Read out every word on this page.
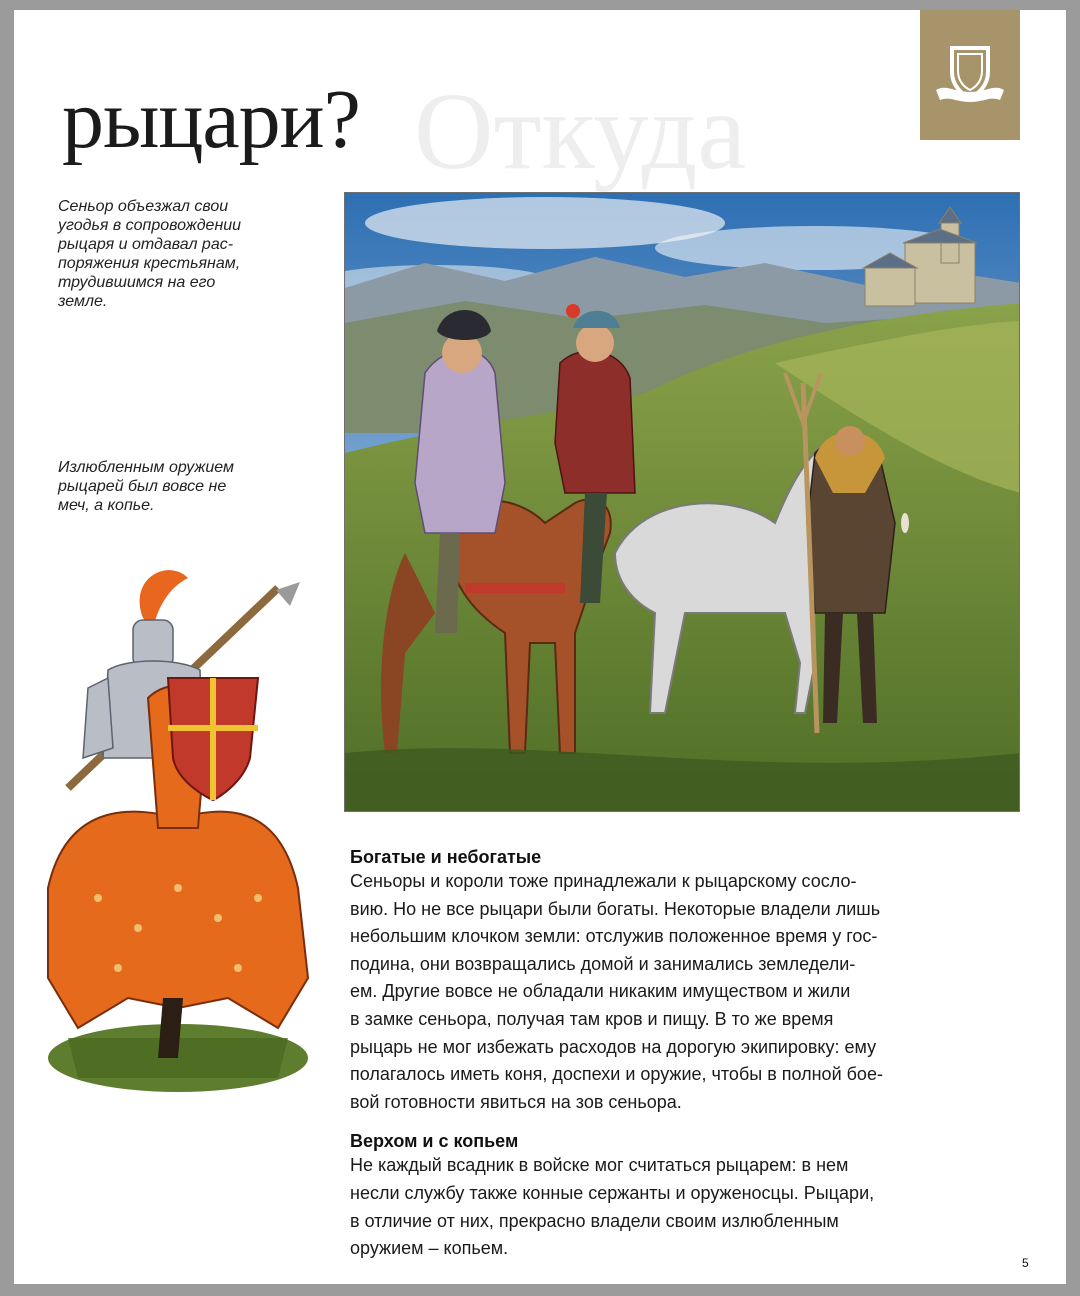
Откуда
рыцари?

Сеньор объезжал свои
угодья в сопровождении
рыцаря и отдавал рас-
поряжения крестьянам,
трудившимся на его
земле.

Излюбленным оружием
рыцарей был вовсе не
меч, а копье.

Богатые и небогатые

Сеньоры и короли тоже принадлежали к рыцарскому сосло-
вию. Но не все рыцари были богаты. Некоторые владели лишь
небольшим клочком земли: отслужив положенное время у гос-
подина, они возвращались домой и занимались земледели-
ем. Другие вовсе не обладали никаким имуществом и жили
в замке сеньора, получая там кров и пищу. В то же время
рыцарь не мог избежать расходов на дорогую экипировку: ему
полагалось иметь коня, доспехи и оружие, чтобы в полной бое-
вой готовности явиться на зов сеньора.

Верхом и с копьем

Не каждый всадник в войске мог считаться рыцарем: в нем
несли службу также конные сержанты и оруженосцы. Рыцари,
в отличие от них, прекрасно владели своим излюбленным
оружием – копьем.

5
